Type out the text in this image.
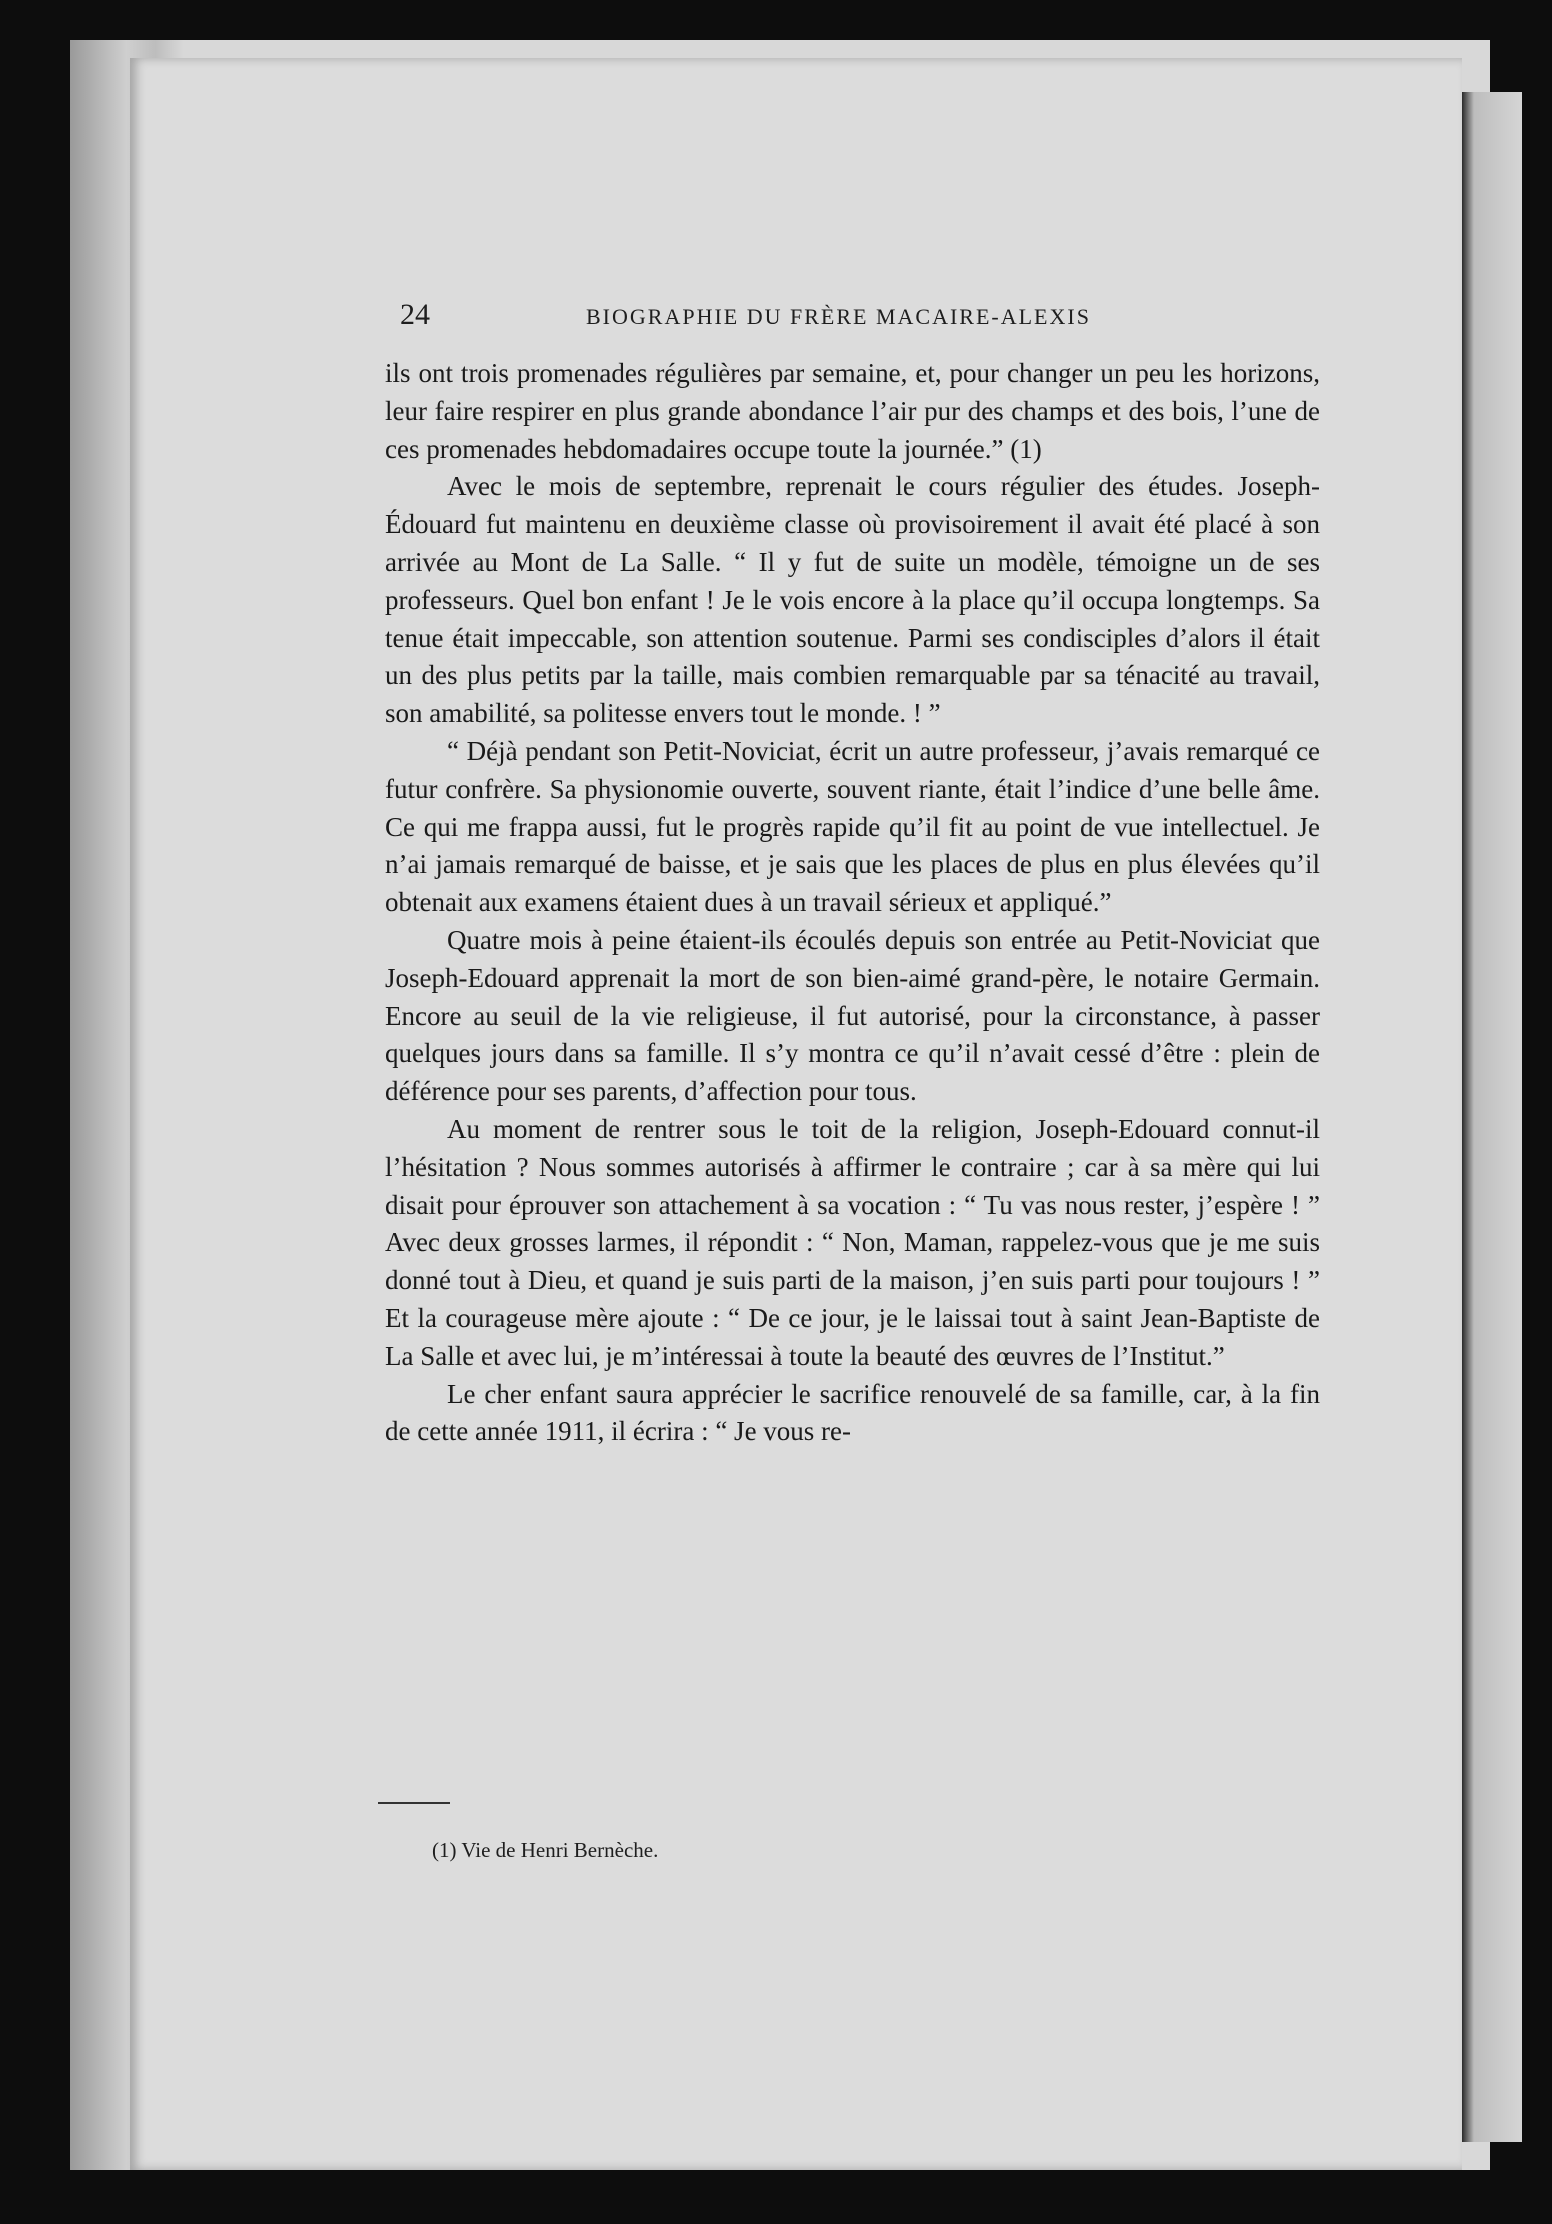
24	BIOGRAPHIE DU FRÈRE MACAIRE-ALEXIS

ils ont trois promenades régulières par semaine, et, pour changer un peu les horizons, leur faire respirer en plus grande abondance l’air pur des champs et des bois, l’une de ces promenades hebdomadaires occupe toute la journée.” (1)

Avec le mois de septembre, reprenait le cours régulier des études. Joseph-Édouard fut maintenu en deuxième classe où provisoirement il avait été placé à son arrivée au Mont de La Salle. “ Il y fut de suite un modèle, témoigne un de ses professeurs. Quel bon enfant ! Je le vois encore à la place qu’il occupa longtemps. Sa tenue était impeccable, son attention soutenue. Parmi ses condisciples d’alors il était un des plus petits par la taille, mais combien remarquable par sa ténacité au travail, son amabilité, sa politesse envers tout le monde. ! ”

“ Déjà pendant son Petit-Noviciat, écrit un autre professeur, j’avais remarqué ce futur confrère. Sa physionomie ouverte, souvent riante, était l’indice d’une belle âme. Ce qui me frappa aussi, fut le progrès rapide qu’il fit au point de vue intellectuel. Je n’ai jamais remarqué de baisse, et je sais que les places de plus en plus élevées qu’il obtenait aux examens étaient dues à un travail sérieux et appliqué.”

Quatre mois à peine étaient-ils écoulés depuis son entrée au Petit-Noviciat que Joseph-Edouard apprenait la mort de son bien-aimé grand-père, le notaire Germain. Encore au seuil de la vie religieuse, il fut autorisé, pour la circonstance, à passer quelques jours dans sa famille. Il s’y montra ce qu’il n’avait cessé d’être : plein de déférence pour ses parents, d’affection pour tous.

Au moment de rentrer sous le toit de la religion, Joseph-Edouard connut-il l’hésitation ? Nous sommes autorisés à affirmer le contraire ; car à sa mère qui lui disait pour éprouver son attachement à sa vocation : “ Tu vas nous rester, j’espère ! ” Avec deux grosses larmes, il répondit : “ Non, Maman, rappelez-vous que je me suis donné tout à Dieu, et quand je suis parti de la maison, j’en suis parti pour toujours ! ” Et la courageuse mère ajoute : “ De ce jour, je le laissai tout à saint Jean-Baptiste de La Salle et avec lui, je m’intéressai à toute la beauté des œuvres de l’Institut.”

Le cher enfant saura apprécier le sacrifice renouvelé de sa famille, car, à la fin de cette année 1911, il écrira : “ Je vous re-

(1) Vie de Henri Bernèche.
